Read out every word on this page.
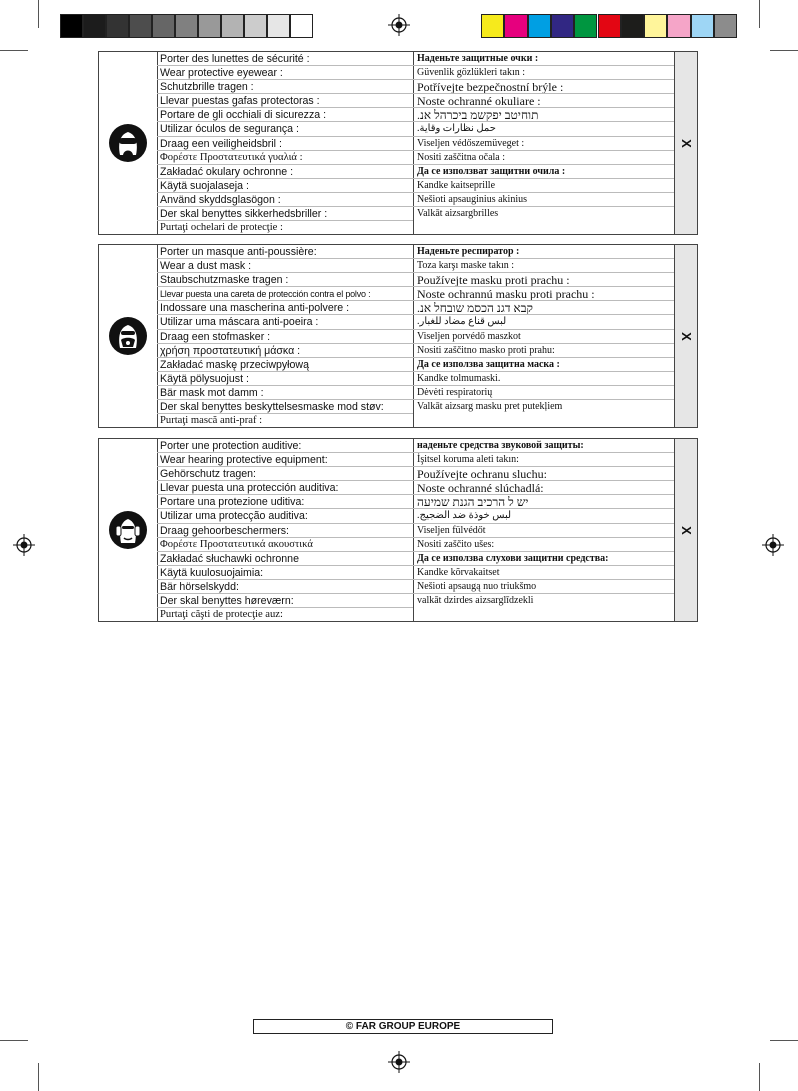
Porter des lunettes de sécurité :
Wear protective eyewear :
Schutzbrille tragen :
Llevar puestas gafas protectoras :
Portare de gli occhiali di sicurezza :
Utilizar óculos de segurança :
Draag een veiligheidsbril :
Φορέστε Προστατευτικά γυαλιά :
Zakładać okulary ochronne :
Käytä suojalaseja :
Använd skyddsglasögon :
Der skal benyttes sikkerhedsbriller :
Purtaţi ochelari de protecţie :
Наденьте защитные очки :
Güvenlik gözlükleri takın :
Potřívejte bezpečnostní brýle :
Noste ochranné okuliare :
תוחיטב יפקשמ ביכרהל אנ.
حمل نظارات وقاية.
Viseljen védőszemüveget :
Nositi zaščitna očala :
Да се използват защитни очила :
Kandke kaitseprille
Nešioti apsauginius akinius
Valkāt aizsargbrilles
X
Porter un masque anti-poussière:
Wear a dust mask :
Staubschutzmaske tragen :
Llevar puesta una careta de protección contra el polvo :
Indossare una mascherina anti-polvere :
Utilizar uma máscara anti-poeira :
Draag een stofmasker :
χρήση προστατευτική μάσκα :
Zakładać maskę przeciwpyłową
Käytä pölysuojust :
Bär mask mot damm :
Der skal benyttes beskyttelsesmaske mod støv:
Purtaţi mască anti-praf :
Наденьте респиратор :
Toza karşı maske takın :
Používejte masku proti prachu :
Noste ochrannú masku proti prachu :
קבא דגנ הכסמ שובחל אנ.
لبس قناع مضاد للغبار.
Viseljen porvédő maszkot
Nositi zaščitno masko proti prahu:
Да се използва защитна маска :
Kandke tolmumaski.
Dėvėti respiratorių
Valkāt aizsarg masku pret putekļiem
X
Porter une protection auditive:
Wear hearing protective equipment:
Gehörschutz tragen:
Llevar puesta una protección auditiva:
Portare una protezione uditiva:
Utilizar uma protecção auditiva:
Draag gehoorbeschermers:
Φορέστε Προστατευτικά ακουστικά
Zakładać słuchawki ochronne
Käytä kuulosuojaimia:
Bär hörselskydd:
Der skal benyttes høreværn:
Purtaţi căşti de protecţie auz:
наденьте средства звуковой защиты:
İşitsel koruma aleti takın:
Používejte ochranu sluchu:
Noste ochranné slúchadlá:
יש ל הרכיב הגנת שמיעה
لبس خوذة ضد الضجيج.
Viseljen fülvédőt
Nositi zaščito ušes:
Да се използва слухови защитни средства:
Kandke kõrvakaitset
Nešioti apsaugą nuo triukšmo
valkāt dzirdes aizsarglīdzekli
X
© FAR GROUP EUROPE
